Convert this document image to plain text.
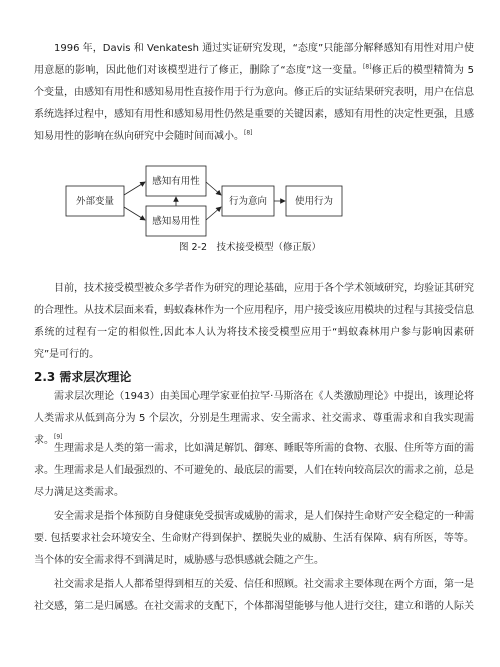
1996 年，Davis 和 Venkatesh 通过实证研究发现，“态度”只能部分解释感知有用性对用户使用意愿的影响，因此他们对该模型进行了修正，删除了“态度”这一变量。[8]修正后的模型精简为 5 个变量，由感知有用性和感知易用性直接作用于行为意向。修正后的实证结果研究表明，用户在信息系统选择过程中，感知有用性和感知易用性仍然是重要的关键因素，感知有用性的决定性更强，且感知易用性的影响在纵向研究中会随时间而减小。[8]

外部变量
感知有用性
感知易用性
行为意向	使用行为
图 2-2　技术接受模型（修正版）

目前，技术接受模型被众多学者作为研究的理论基础，应用于各个学术领域研究，均验证其研究的合理性。从技术层面来看，蚂蚁森林作为一个应用程序，用户接受该应用模块的过程与其接受信息系统的过程有一定的相似性,因此本人认为将技术接受模型应用于“蚂蚁森林用户参与影响因素研究”是可行的。

2.3 需求层次理论

需求层次理论（1943）由美国心理学家亚伯拉罕·马斯洛在《人类激励理论》中提出，该理论将人类需求从低到高分为 5 个层次，分别是生理需求、安全需求、社交需求、尊重需求和自我实现需求。[9]

生理需求是人类的第一需求，比如满足解饥、御寒、睡眠等所需的食物、衣服、住所等方面的需求。生理需求是人们最强烈的、不可避免的、最底层的需要，人们在转向较高层次的需求之前，总是尽力满足这类需求。

安全需求是指个体预防自身健康免受损害或威胁的需求，是人们保持生命财产安全稳定的一种需要. 包括要求社会环境安全、生命财产得到保护、摆脱失业的威胁、生活有保障、病有所医，等等。当个体的安全需求得不到满足时，威胁感与恐惧感就会随之产生。

社交需求是指人人都希望得到相互的关爱、信任和照顾。社交需求主要体现在两个方面，第一是社交感，第二是归属感。在社交需求的支配下，个体都渴望能够与他人进行交往，建立和谐的人际关
